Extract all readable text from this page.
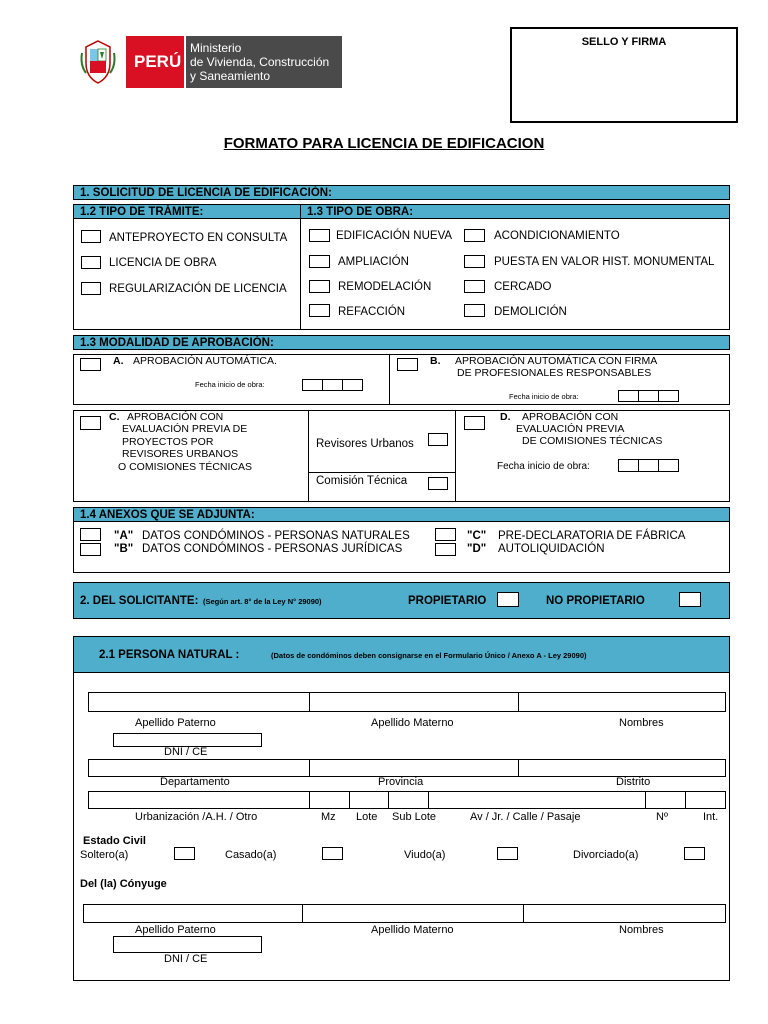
PERÚ
Ministerio
de Vivienda, Construcción
y Saneamiento
SELLO Y FIRMA
FORMATO PARA LICENCIA DE EDIFICACION
1. SOLICITUD DE LICENCIA DE EDIFICACIÓN:
1.2 TIPO DE TRÁMITE:	1.3 TIPO DE OBRA:
ANTEPROYECTO EN CONSULTA
LICENCIA DE OBRA
REGULARIZACIÓN DE LICENCIA
EDIFICACIÓN NUEVA
AMPLIACIÓN
REMODELACIÓN
REFACCIÓN
ACONDICIONAMIENTO
PUESTA EN VALOR HIST. MONUMENTAL
CERCADO
DEMOLICIÓN
1.3 MODALIDAD DE APROBACIÓN:
A. APROBACIÓN AUTOMÁTICA.
Fecha inicio de obra:
B. APROBACIÓN AUTOMÁTICA CON FIRMA
DE PROFESIONALES RESPONSABLES
Fecha inicio de obra:
C. APROBACIÓN CON
EVALUACIÓN PREVIA DE
PROYECTOS POR
REVISORES URBANOS
O COMISIONES TÉCNICAS
Revisores Urbanos
Comisión Técnica
D. APROBACIÓN CON
EVALUACIÓN PREVIA
DE COMISIONES TÉCNICAS
Fecha inicio de obra:
1.4 ANEXOS QUE SE ADJUNTA:
"A" DATOS CONDÓMINOS - PERSONAS NATURALES
"B" DATOS CONDÓMINOS - PERSONAS JURÍDICAS
"C" PRE-DECLARATORIA DE FÁBRICA
"D" AUTOLIQUIDACIÓN
2. DEL SOLICITANTE: (Según art. 8° de la Ley N° 29090)	PROPIETARIO	NO PROPIETARIO
2.1 PERSONA NATURAL :	(Datos de condóminos deben consignarse en el Formulario Único / Anexo A - Ley 29090)
Apellido Paterno	Apellido Materno	Nombres
DNI / CE
Departamento	Provincia	Distrito
Urbanización /A.H. / Otro	Mz Lote Sub Lote	Av / Jr. / Calle / Pasaje	Nº	Int.
Estado Civil
Soltero(a)	Casado(a)	Viudo(a)	Divorciado(a)
Del (la) Cónyuge
Apellido Paterno	Apellido Materno	Nombres
DNI / CE
